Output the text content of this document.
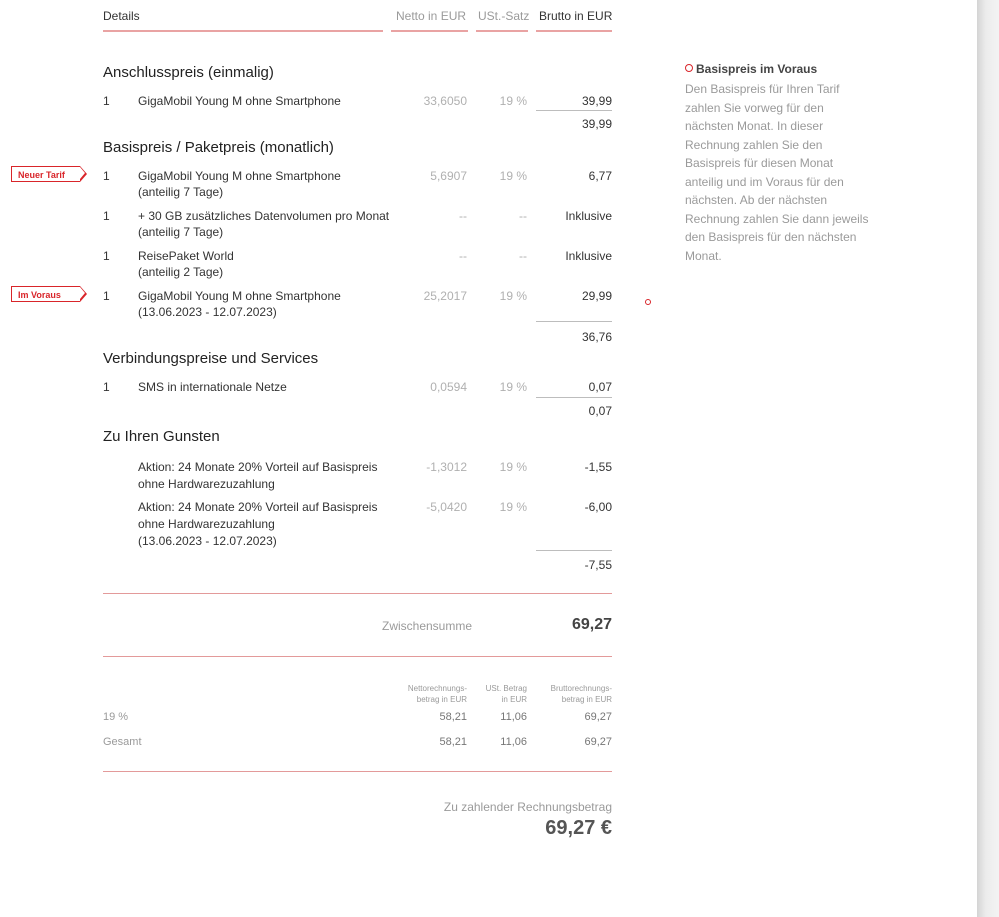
Details	Netto in EUR USt.-Satz Brutto in EUR
Anschlusspreis (einmalig)
1 GigaMobil Young M ohne Smartphone	33,6050	19 %	39,99
39,99
Basispreis / Paketpreis (monatlich)
Neuer Tarif	1 GigaMobil Young M ohne Smartphone
(anteilig 7 Tage)
5,6907	19 %	6,77
1 + 30 GB zusätzliches Datenvolumen pro Monat
(anteilig 7 Tage)
--	--	Inklusive
1 ReisePaket World
(anteilig 2 Tage)
--	--	Inklusive
Im Voraus	1 GigaMobil Young M ohne Smartphone
(13.06.2023 - 12.07.2023)
25,2017	19 %	29,99
36,76
Verbindungspreise und Services
1 SMS in internationale Netze	0,0594	19 %	0,07
0,07
Zu Ihren Gunsten
Aktion: 24 Monate 20% Vorteil auf Basispreis
ohne Hardwarezuzahlung
-1,3012	19 %	-1,55
Aktion: 24 Monate 20% Vorteil auf Basispreis
ohne Hardwarezuzahlung
(13.06.2023 - 12.07.2023)
-5,0420	19 %	-6,00
-7,55
Zwischensumme	69,27
Nettorechnungs-
betrag in EUR
USt. Betrag
in EUR
Bruttorechnungs-
betrag in EUR
19 %	58,21	11,06	69,27
Gesamt	58,21	11,06	69,27
Zu zahlender Rechnungsbetrag
69,27 €
Basispreis im Voraus
Den Basispreis für Ihren Tarif
zahlen Sie vorweg für den
nächsten Monat. In dieser
Rechnung zahlen Sie den
Basispreis für diesen Monat
anteilig und im Voraus für den
nächsten. Ab der nächsten
Rechnung zahlen Sie dann jeweils
den Basispreis für den nächsten
Monat.
